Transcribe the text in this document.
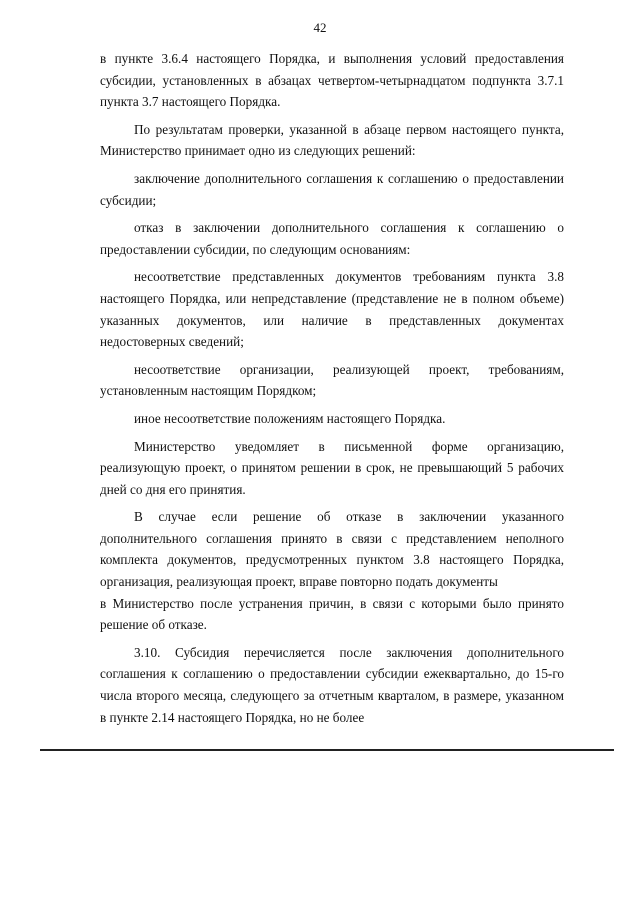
42

в пункте 3.6.4 настоящего Порядка, и выполнения условий предоставления субсидии, установленных в абзацах четвертом-четырнадцатом подпункта 3.7.1 пункта 3.7 настоящего Порядка.

По результатам проверки, указанной в абзаце первом настоящего пункта, Министерство принимает одно из следующих решений:

заключение дополнительного соглашения к соглашению о предоставлении субсидии;

отказ в заключении дополнительного соглашения к соглашению о предоставлении субсидии, по следующим основаниям:

несоответствие представленных документов требованиям пункта 3.8 настоящего Порядка, или непредставление (представление не в полном объеме) указанных документов, или наличие в представленных документах недостоверных сведений;

несоответствие организации, реализующей проект, требованиям, установленным настоящим Порядком;

иное несоответствие положениям настоящего Порядка.

Министерство уведомляет в письменной форме организацию, реализующую проект, о принятом решении в срок, не превышающий 5 рабочих дней со дня его принятия.

В случае если решение об отказе в заключении указанного дополнительного соглашения принято в связи с представлением неполного комплекта документов, предусмотренных пунктом 3.8 настоящего Порядка, организация, реализующая проект, вправе повторно подать документы

в Министерство после устранения причин, в связи с которыми было принято решение об отказе.

3.10. Субсидия перечисляется после заключения дополнительного соглашения к соглашению о предоставлении субсидии ежеквартально, до 15-го числа второго месяца, следующего за отчетным кварталом, в размере, указанном в пункте 2.14 настоящего Порядка, но не более
